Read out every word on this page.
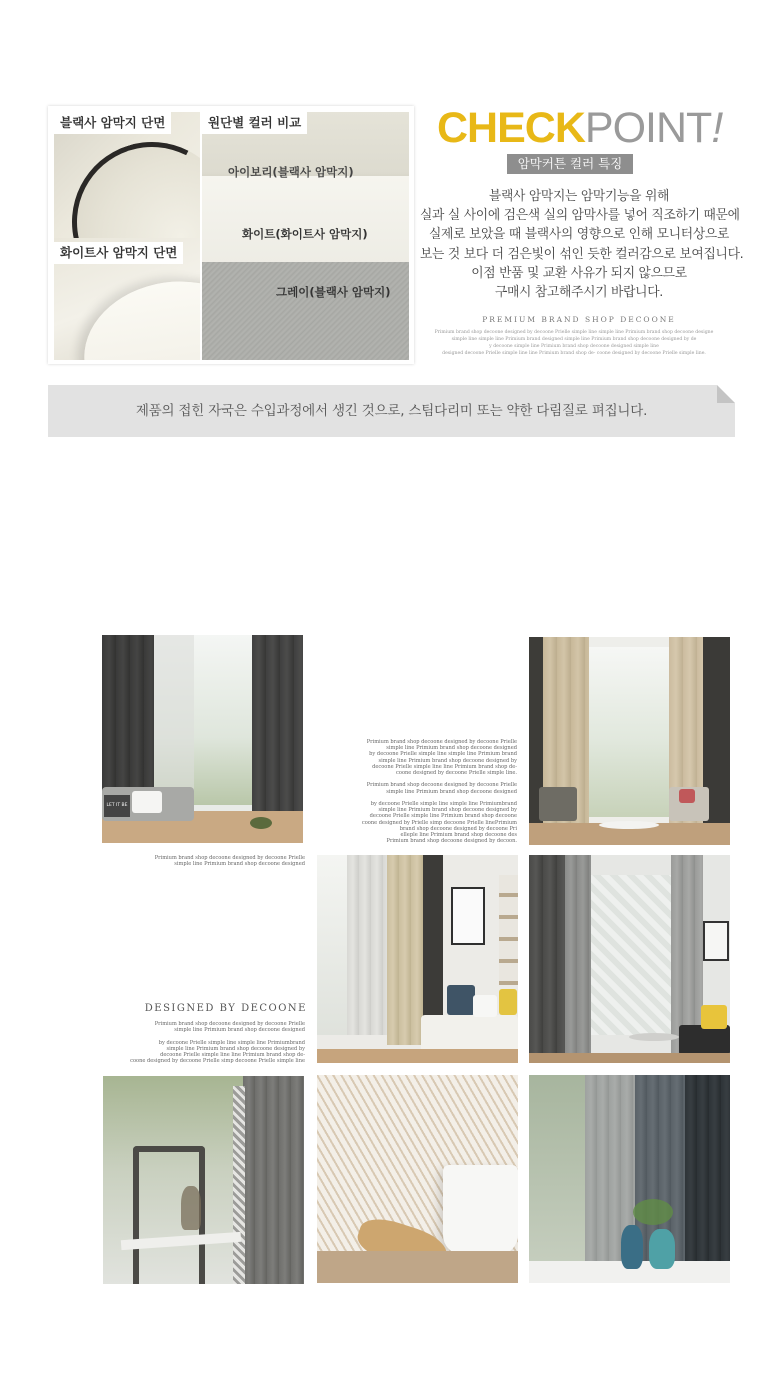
블랙사 암막지 단면
화이트사 암막지 단면
원단별 컬러 비교
아이보리(블랙사 암막지)
화이트(화이트사 암막지)
그레이(블랙사 암막지)
CHECKPOINT!
암막커튼 컬러 특징

블랙사 암막지는 암막기능을 위해

실과 실 사이에 검은색 실의 암막사를 넣어 직조하기 때문에

실제로 보았을 때 블랙사의 영향으로 인해 모니터상으로

보는 것 보다 더 검은빛이 섞인 듯한 컬러감으로 보여집니다.

이점 반품 및 교환 사유가 되지 않으므로

구매시 참고해주시기 바랍니다.

PREMIUM BRAND SHOP DECOONE

Primium brand shop decoone designed by decoone Prielle simple line simple line Primium brand shop decoone designe

simple line simple line Primium brand designed simple line Primium brand shop decoone designed by de

y decoone simple line Primium brand shop decoone designed simple line

designed decoone Prielle simple line line Primium brand shop de- coone designed by decoone Prielle simple line.

제품의 접힌 자국은 수입과정에서 생긴 것으로, 스팀다리미 또는 약한 다림질로 펴집니다.
LET IT BE

Primium brand shop decoone designed by decoone Prielle

simple line Primium brand shop decoone designed

by decoone Prielle simple line simple line Primium brand

simple line Primium brand shop decoone designed by

decoone Prielle simple line line Primium brand shop de-

coone designed by decoone Prielle simple line.

Primium brand shop decoone designed by decoone Prielle

simple line Primium brand shop decoone designed

by decoone Prielle simple line simple line Primiumbrand

simple line Primium brand shop decoone designed by

decoone Prielle simple line Primium brand shop decoone

coone designed by Prielle simp decoone Prielle linePrimium

brand shop decoone designed by decoone Pri

elleple line Primium brand shop decoone des

Primium brand shop decoone designed by decoon.

Primium brand shop decoone designed by decoone Prielle

simple line Primium brand shop decoone designed

DESIGNED BY DECOONE

Primium brand shop decoone designed by decoone Prielle

simple line Primium brand shop decoone designed

by decoone Prielle simple line simple line Primiumbrand

simple line Primium brand shop decoone designed by

decoone Prielle simple line line Primium brand shop de-

coone designed by decoone Prielle simp decoone Prielle simple line
